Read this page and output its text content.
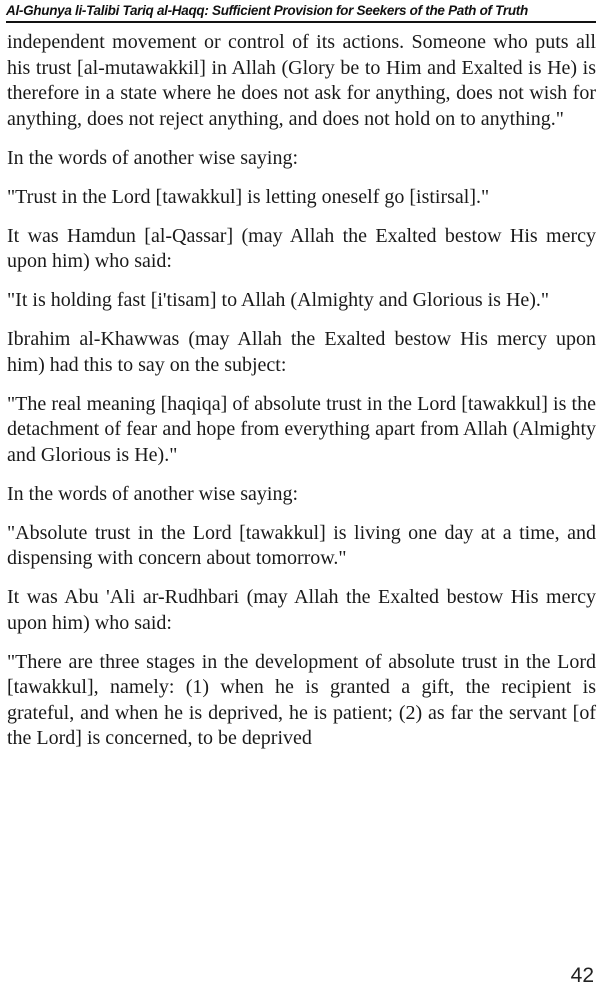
Al-Ghunya li-Talibi Tariq al-Haqq: Sufficient Provision for Seekers of the Path of Truth

independent movement or control of its actions. Someone who puts all his trust [al-mutawakkil] in Allah (Glory be to Him and Exalted is He) is therefore in a state where he does not ask for anything, does not wish for anything, does not reject anything, and does not hold on to anything."

In the words of another wise saying:

"Trust in the Lord [tawakkul] is letting oneself go [istirsal]."

It was Hamdun [al-Qassar] (may Allah the Exalted bestow His mercy upon him) who said:

"It is holding fast [i'tisam] to Allah (Almighty and Glorious is He)."

Ibrahim al-Khawwas (may Allah the Exalted bestow His mercy upon him) had this to say on the subject:

"The real meaning [haqiqa] of absolute trust in the Lord [tawakkul] is the detachment of fear and hope from everything apart from Allah (Almighty and Glorious is He)."

In the words of another wise saying:

"Absolute trust in the Lord [tawakkul] is living one day at a time, and dispensing with concern about tomorrow."

It was Abu 'Ali ar-Rudhbari (may Allah the Exalted bestow His mercy upon him) who said:

"There are three stages in the development of absolute trust in the Lord [tawakkul], namely: (1) when he is granted a gift, the recipient is grateful, and when he is deprived, he is patient; (2) as far the servant [of the Lord] is concerned, to be deprived

42
